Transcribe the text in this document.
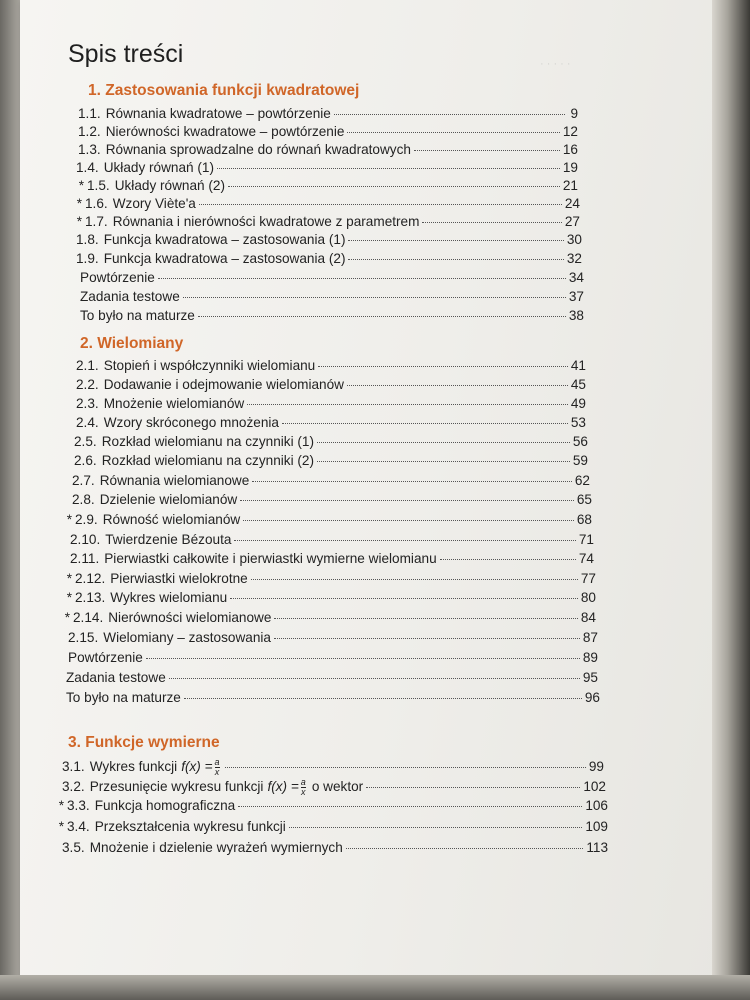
· · · · ·
Spis treści
1. Zastosowania funkcji kwadratowej
1.1. Równania kwadratowe – powtórzenie	9
1.2. Nierówności kwadratowe – powtórzenie	12
1.3. Równania sprowadzalne do równań kwadratowych	16
1.4. Układy równań (1)	19
* 1.5. Układy równań (2)	21
* 1.6. Wzory Viète'a	24
* 1.7. Równania i nierówności kwadratowe z parametrem	27
1.8. Funkcja kwadratowa – zastosowania (1)	30
1.9. Funkcja kwadratowa – zastosowania (2)	32
Powtórzenie	34
Zadania testowe	37
To było na maturze	38
2. Wielomiany
2.1. Stopień i współczynniki wielomianu	41
2.2. Dodawanie i odejmowanie wielomianów	45
2.3. Mnożenie wielomianów	49
2.4. Wzory skróconego mnożenia	53
2.5. Rozkład wielomianu na czynniki (1)	56
2.6. Rozkład wielomianu na czynniki (2)	59
2.7. Równania wielomianowe	62
2.8. Dzielenie wielomianów	65
* 2.9. Równość wielomianów	68
2.10. Twierdzenie Bézouta	71
2.11. Pierwiastki całkowite i pierwiastki wymierne wielomianu	74
* 2.12. Pierwiastki wielokrotne	77
* 2.13. Wykres wielomianu	80
* 2.14. Nierówności wielomianowe	84
2.15. Wielomiany – zastosowania	87
Powtórzenie	89
Zadania testowe	95
To było na maturze	96
3. Funkcje wymierne
3.1. Wykres funkcji $f(x) = \frac{a}{x}$	99
3.2. Przesunięcie wykresu funkcji $f(x) = \frac{a}{x}$ o wektor	102
* 3.3. Funkcja homograficzna	106
* 3.4. Przekształcenia wykresu funkcji	109
3.5. Mnożenie i dzielenie wyrażeń wymiernych	113
